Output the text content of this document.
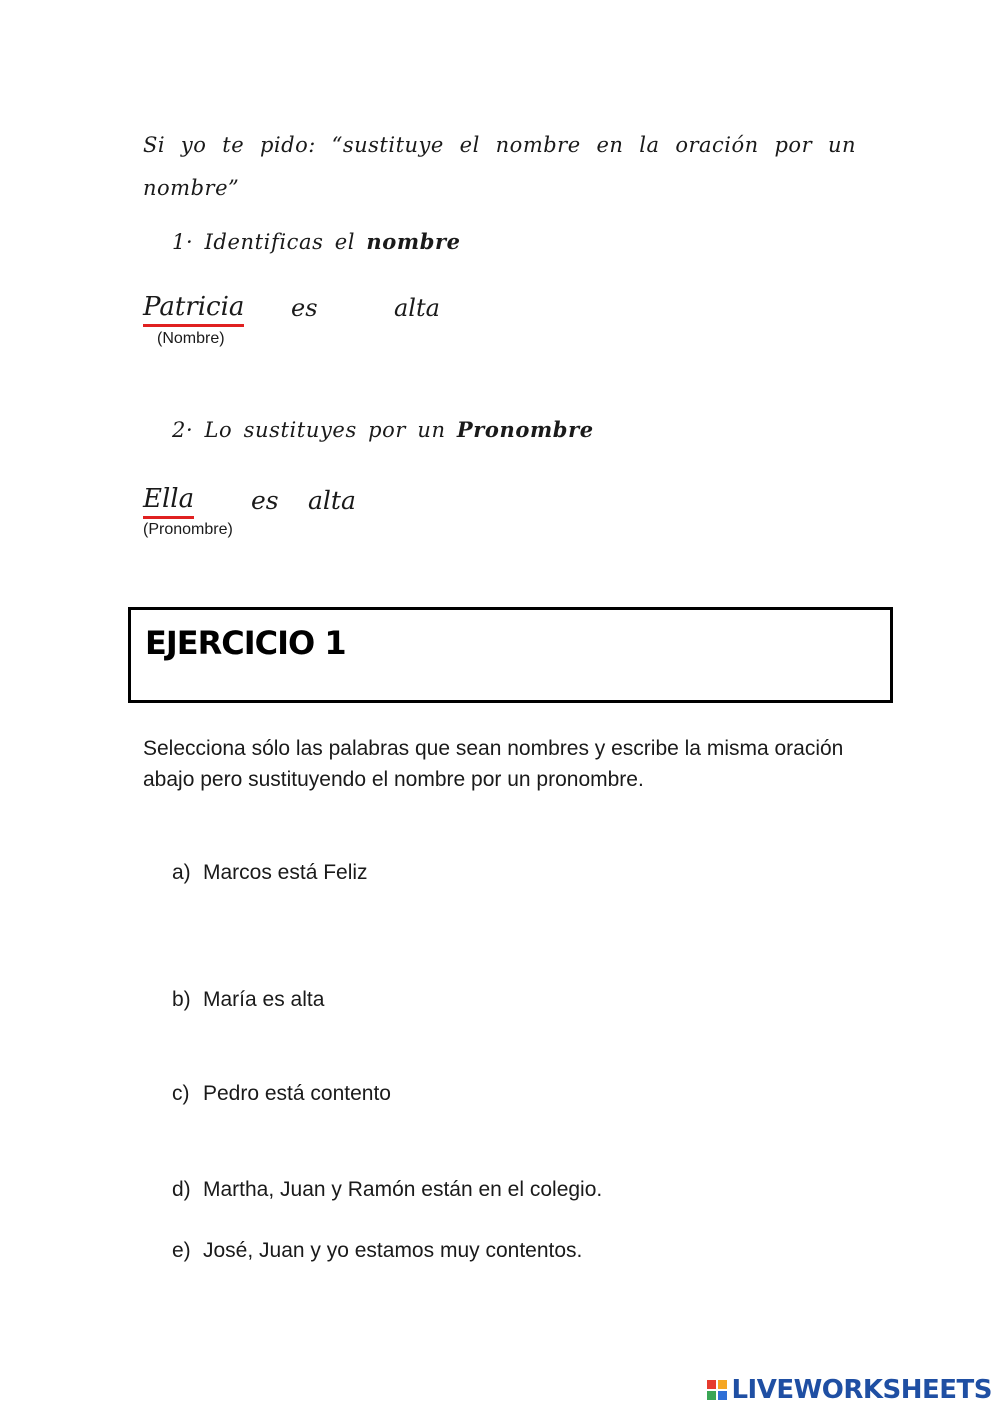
Si yo te pido: “sustituye el nombre en la oración por un nombre”
1· Identificas el nombre
Patricia es	alta
(Nombre)
2· Lo sustituyes por un Pronombre
Ella es alta
(Pronombre)
EJERCICIO 1
Selecciona sólo las palabras que sean nombres y escribe la misma oración abajo pero sustituyendo el nombre por un pronombre.
a) Marcos está Feliz
b) María es alta
c) Pedro está contento
d) Martha, Juan y Ramón están en el colegio.
e) José, Juan y yo estamos muy contentos.
LIVEWORKSHEETS
